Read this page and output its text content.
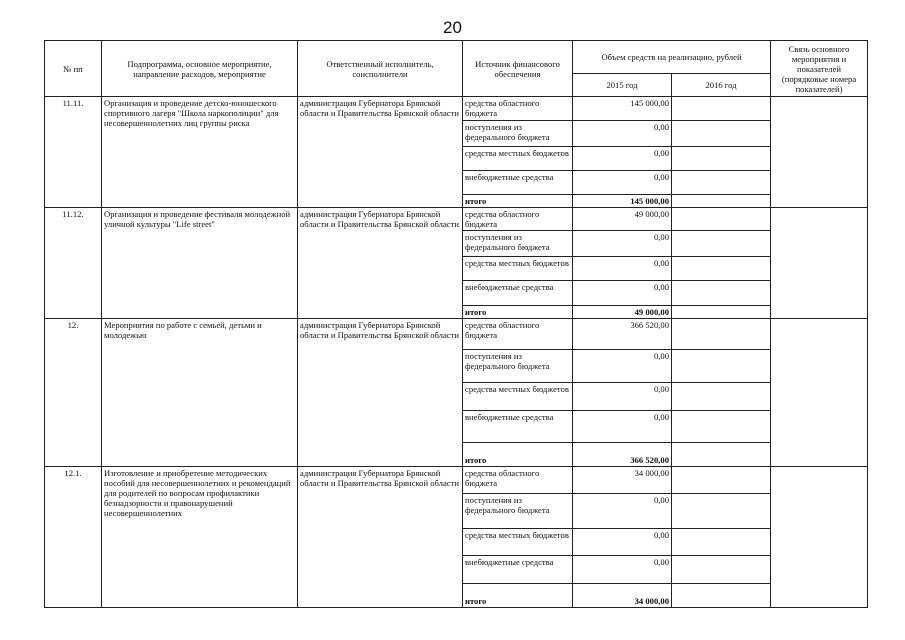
20
№ пп	Подпрограмма, основное мероприятие, направление расходов, мероприятие	Ответственный исполнитель, соисполнители	Источник финансового обеспечения	Объем средств на реализацию, рублей		Связь основного мероприятия и показателей (порядковые номера показателей)
				2015 год	2016 год	
11.11.	Организация и проведение детско-юношеского спортивного лагеря "Школа наркополиции" для несовершеннолетних лиц группы риска	администрация Губернатора Брянской области и Правительства Брянской области	средства областного бюджета	145 000,00		
			поступления из федерального бюджета	0,00		
			средства местных бюджетов	0,00		
			внебюджетные средства	0,00		
			итого	145 000,00		
11.12.	Организация и проведение фестиваля молодежной уличной культуры "Life street"	администрация Губернатора Брянской области и Правительства Брянской области	средства областного бюджета	49 000,00		
			поступления из федерального бюджета	0,00		
			средства местных бюджетов	0,00		
			внебюджетные средства	0,00		
			итого	49 000,00		
12.	Мероприятия по работе с семьей, детьми и молодежью	администрация Губернатора Брянской области и Правительства Брянской области	средства областного бюджета	366 520,00		
			поступления из федерального бюджета	0,00		
			средства местных бюджетов	0,00		
			внебюджетные средства	0,00		
			итого	366 520,00		
12.1.	Изготовление и приобретение методических пособий для несовершеннолетних и рекомендаций для родителей по вопросам профилактики безнадзорности и правонарушений несовершеннолетних	администрация Губернатора Брянской области и Правительства Брянской области	средства областного бюджета	34 000,00		
			поступления из федерального бюджета	0,00		
			средства местных бюджетов	0,00		
			внебюджетные средства	0,00		
			итого	34 000,00		
